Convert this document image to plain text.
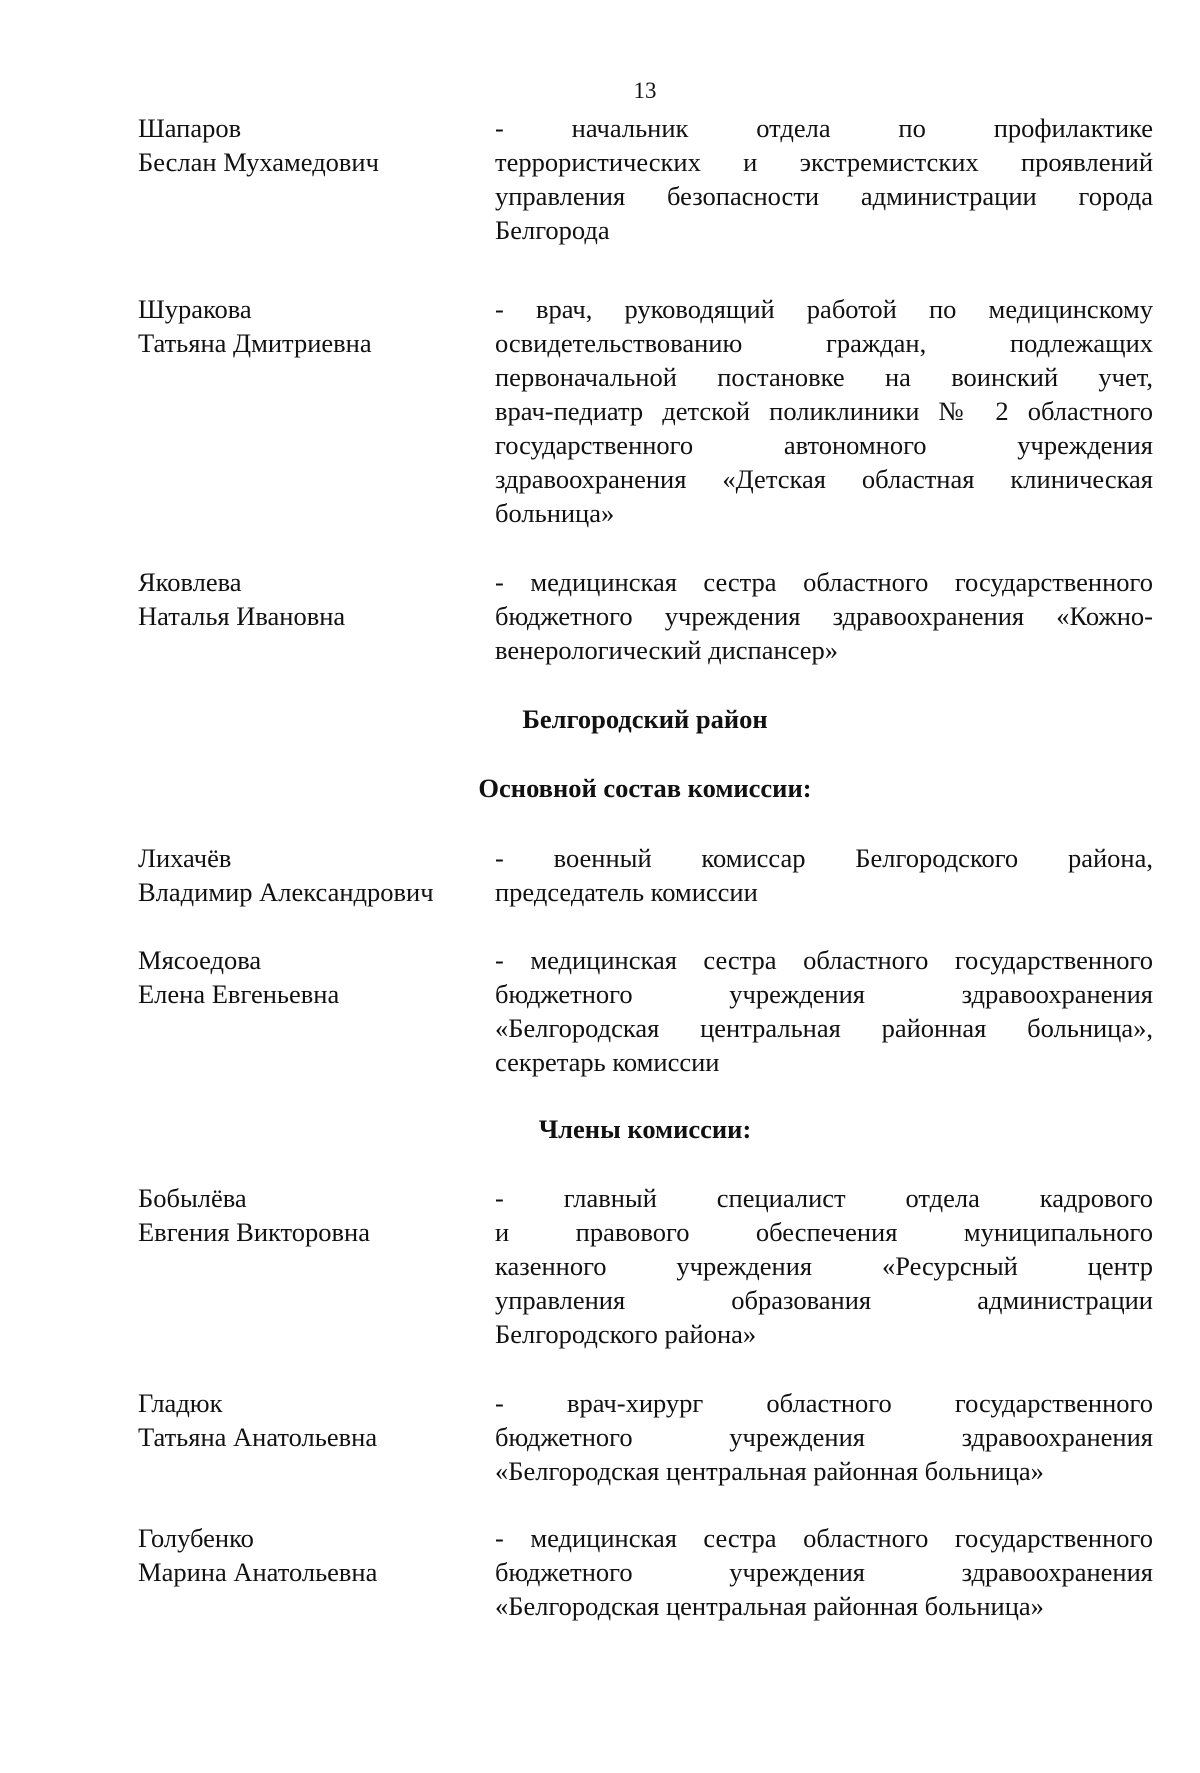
13
Шапаров
Беслан Мухамедович
- начальник отдела по профилактике
террористических и экстремистских проявлений
управления безопасности администрации города
Белгорода
Шуракова
Татьяна Дмитриевна
- врач, руководящий работой по медицинскому
освидетельствованию граждан, подлежащих
первоначальной постановке на воинский учет,
врач-педиатр детской поликлиники № 2 областного
государственного автономного учреждения
здравоохранения «Детская областная клиническая
больница»
Яковлева
Наталья Ивановна
- медицинская сестра областного государственного
бюджетного учреждения здравоохранения «Кожно-
венерологический диспансер»
Белгородский район
Основной состав комиссии:
Лихачёв
Владимир Александрович
- военный комиссар Белгородского района,
председатель комиссии
Мясоедова
Елена Евгеньевна
- медицинская сестра областного государственного
бюджетного учреждения здравоохранения
«Белгородская центральная районная больница»,
секретарь комиссии
Члены комиссии:
Бобылёва
Евгения Викторовна
- главный специалист отдела кадрового
и правового обеспечения муниципального
казенного учреждения «Ресурсный центр
управления образования администрации
Белгородского района»
Гладюк
Татьяна Анатольевна
- врач-хирург областного государственного
бюджетного учреждения здравоохранения
«Белгородская центральная районная больница»
Голубенко
Марина Анатольевна
- медицинская сестра областного государственного
бюджетного учреждения здравоохранения
«Белгородская центральная районная больница»
